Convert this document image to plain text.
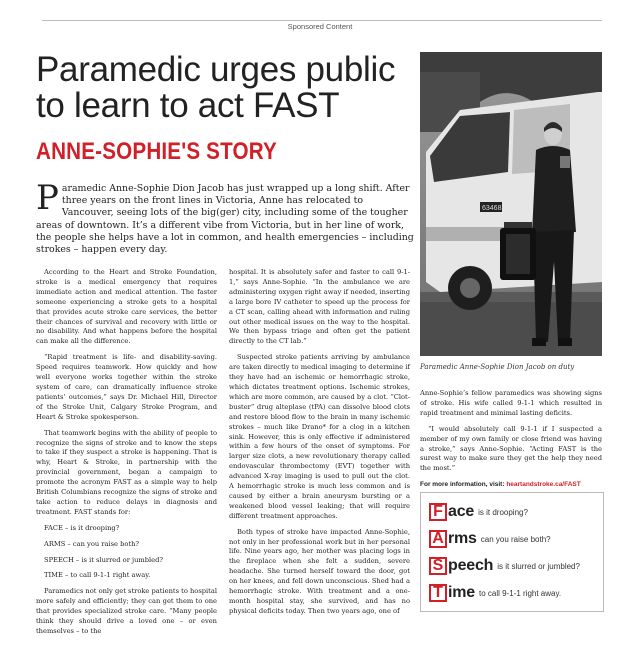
Sponsored Content
Paramedic urges public to learn to act FAST
ANNE-SOPHIE'S STORY
Paramedic Anne-Sophie Dion Jacob has just wrapped up a long shift. After three years on the front lines in Victoria, Anne has relocated to Vancouver, seeing lots of the big(ger) city, including some of the tougher areas of downtown. It’s a different vibe from Victoria, but in her line of work, the people she helps have a lot in common, and health emergencies – including strokes – happen every day.
63468
Paramedic Anne-Sophie Dion Jacob on duty

According to the Heart and Stroke Foundation, stroke is a medical emergency that requires immediate action and medical attention. The faster someone experiencing a stroke gets to a hospital that provides acute stroke care services, the better their chances of survival and recovery with little or no disability. And what happens before the hospital can make all the difference.

“Rapid treatment is life- and disability-saving. Speed requires teamwork. How quickly and how well everyone works together within the stroke system of care, can dramatically influence stroke patients’ outcomes,” says Dr. Michael Hill, Director of the Stroke Unit, Calgary Stroke Program, and Heart & Stroke spokesperson.

That teamwork begins with the ability of people to recognize the signs of stroke and to know the steps to take if they suspect a stroke is happening. That is why, Heart & Stroke, in partnership with the provincial government, began a campaign to promote the acronym FAST as a simple way to help British Columbians recognize the signs of stroke and take action to reduce delays in diagnosis and treatment. FAST stands for:

FACE – is it drooping?

ARMS – can you raise both?

SPEECH – is it slurred or jumbled?

TIME – to call 9-1-1 right away.

Paramedics not only get stroke patients to hospital more safely and efficiently; they can get them to one that provides specialized stroke care. “Many people think they should drive a loved one – or even themselves – to the

hospital. It is absolutely safer and faster to call 9-1-1,” says Anne-Sophie. “In the ambulance we are administering oxygen right away if needed, inserting a large bore IV catheter to speed up the process for a CT scan, calling ahead with information and ruling out other medical issues on the way to the hospital. We then bypass triage and often get the patient directly to the CT lab.”

Suspected stroke patients arriving by ambulance are taken directly to medical imaging to determine if they have had an ischemic or hemorrhagic stroke, which dictates treatment options. Ischemic strokes, which are more common, are caused by a clot. “Clot-buster” drug alteplase (tPA) can dissolve blood clots and restore blood flow to the brain in many ischemic strokes – much like Drano* for a clog in a kitchen sink. However, this is only effective if administered within a few hours of the onset of symptoms. For larger size clots, a new revolutionary therapy called endovascular thrombectomy (EVT) together with advanced X-ray imaging is used to pull out the clot. A hemorrhagic stroke is much less common and is caused by either a brain aneurysm bursting or a weakened blood vessel leaking; that will require different treatment approaches.

Both types of stroke have impacted Anne-Sophie, not only in her professional work but in her personal life. Nine years ago, her mother was placing logs in the fireplace when she felt a sudden, severe headache. She turned herself toward the door, got on her knees, and fell down unconscious. Shed had a hemorrhagic stroke. With treatment and a one-month hospital stay, she survived, and has no physical deficits today. Then two years ago, one of

Anne-Sophie’s fellow paramedics was showing signs of stroke. His wife called 9-1-1 which resulted in rapid treatment and minimal lasting deficits.

“I would absolutely call 9-1-1 if I suspected a member of my own family or close friend was having a stroke,” says Anne-Sophie. “Acting FAST is the surest way to make sure they get the help they need the most.”

For more information, visit: heartandstroke.ca/FAST

F ace is it drooping?
A rms can you raise both?
S peech is it slurred or jumbled?
T ime to call 9-1-1 right away.
